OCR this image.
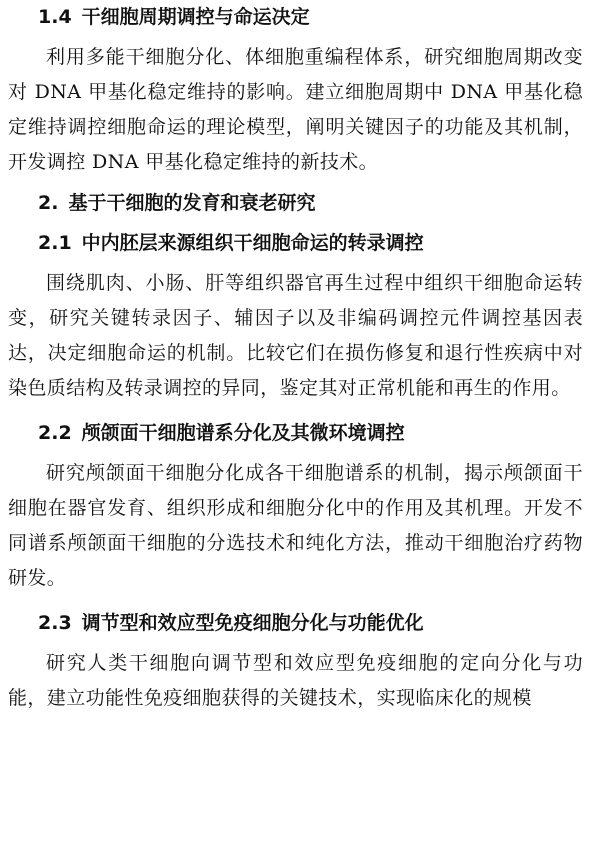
1.4 干细胞周期调控与命运决定

利用多能干细胞分化、体细胞重编程体系，研究细胞周期改变对 DNA 甲基化稳定维持的影响。建立细胞周期中 DNA 甲基化稳定维持调控细胞命运的理论模型，阐明关键因子的功能及其机制，开发调控 DNA 甲基化稳定维持的新技术。

2. 基于干细胞的发育和衰老研究
2.1 中内胚层来源组织干细胞命运的转录调控

围绕肌肉、小肠、肝等组织器官再生过程中组织干细胞命运转变，研究关键转录因子、辅因子以及非编码调控元件调控基因表达，决定细胞命运的机制。比较它们在损伤修复和退行性疾病中对染色质结构及转录调控的异同，鉴定其对正常机能和再生的作用。

2.2 颅颌面干细胞谱系分化及其微环境调控

研究颅颌面干细胞分化成各干细胞谱系的机制，揭示颅颌面干细胞在器官发育、组织形成和细胞分化中的作用及其机理。开发不同谱系颅颌面干细胞的分选技术和纯化方法，推动干细胞治疗药物研发。

2.3 调节型和效应型免疫细胞分化与功能优化

研究人类干细胞向调节型和效应型免疫细胞的定向分化与功能，建立功能性免疫细胞获得的关键技术，实现临床化的规模
